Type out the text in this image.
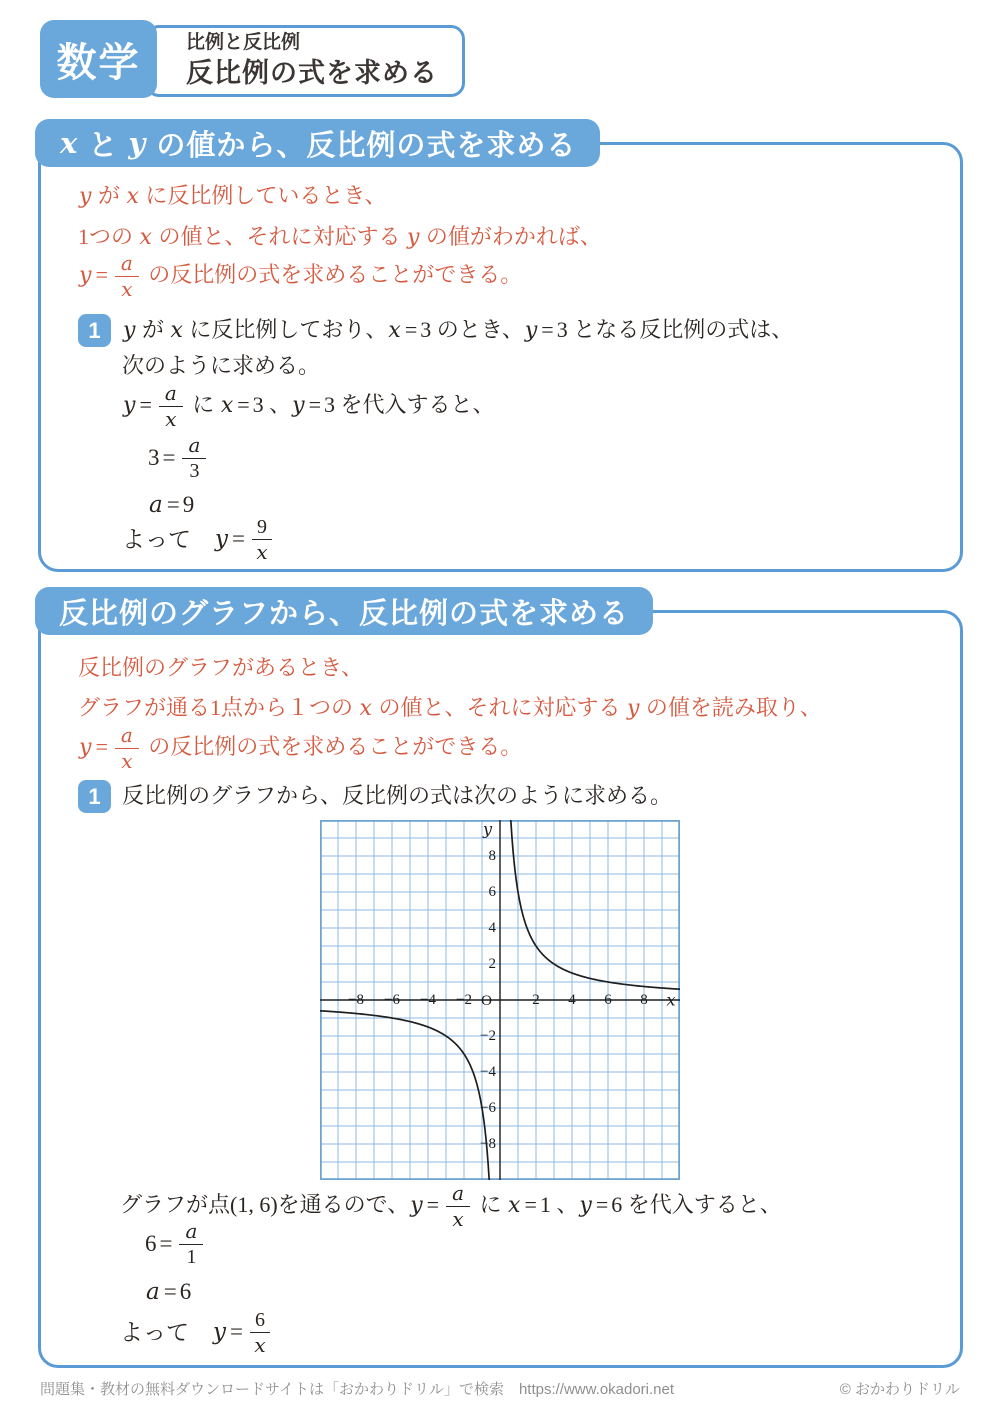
比例と反比例
反比例の式を求める
数学
x と y の値から、反比例の式を求める
y が x に反比例しているとき、
1つの x の値と、それに対応する y の値がわかれば、
$y = \frac{a}{x}$ の反比例の式を求めることができる。
1	y が x に反比例しており、 x = 3 のとき、 y = 3 となる反比例の式は、
次のように求める。
$y = \frac{a}{x}$ に x = 3 、 y = 3 を代入すると、
$3 = \frac{a}{3}$
a = 9
よって　 $y = \frac{9}{x}$
反比例のグラフから、反比例の式を求める
反比例のグラフがあるとき、
グラフが通る1点から１つの x の値と、それに対応する y の値を読み取り、
$y = \frac{a}{x}$ の反比例の式を求めることができる。
1 反比例のグラフから、反比例の式は次のように求める。
−8 −6 −4 −2	2 4 6 8
−8
−6
−4
−2
2
4
6
8
O	x
y
グラフが点(1, 6)を通るので、 $y = \frac{a}{x}$ に x = 1 、 y = 6 を代入すると、
$6 = \frac{a}{1}$
a = 6
よって　 $y = \frac{6}{x}$
問題集・教材の無料ダウンロードサイトは「おかわりドリル」で検索　https://www.okadori.net	© おかわりドリル
